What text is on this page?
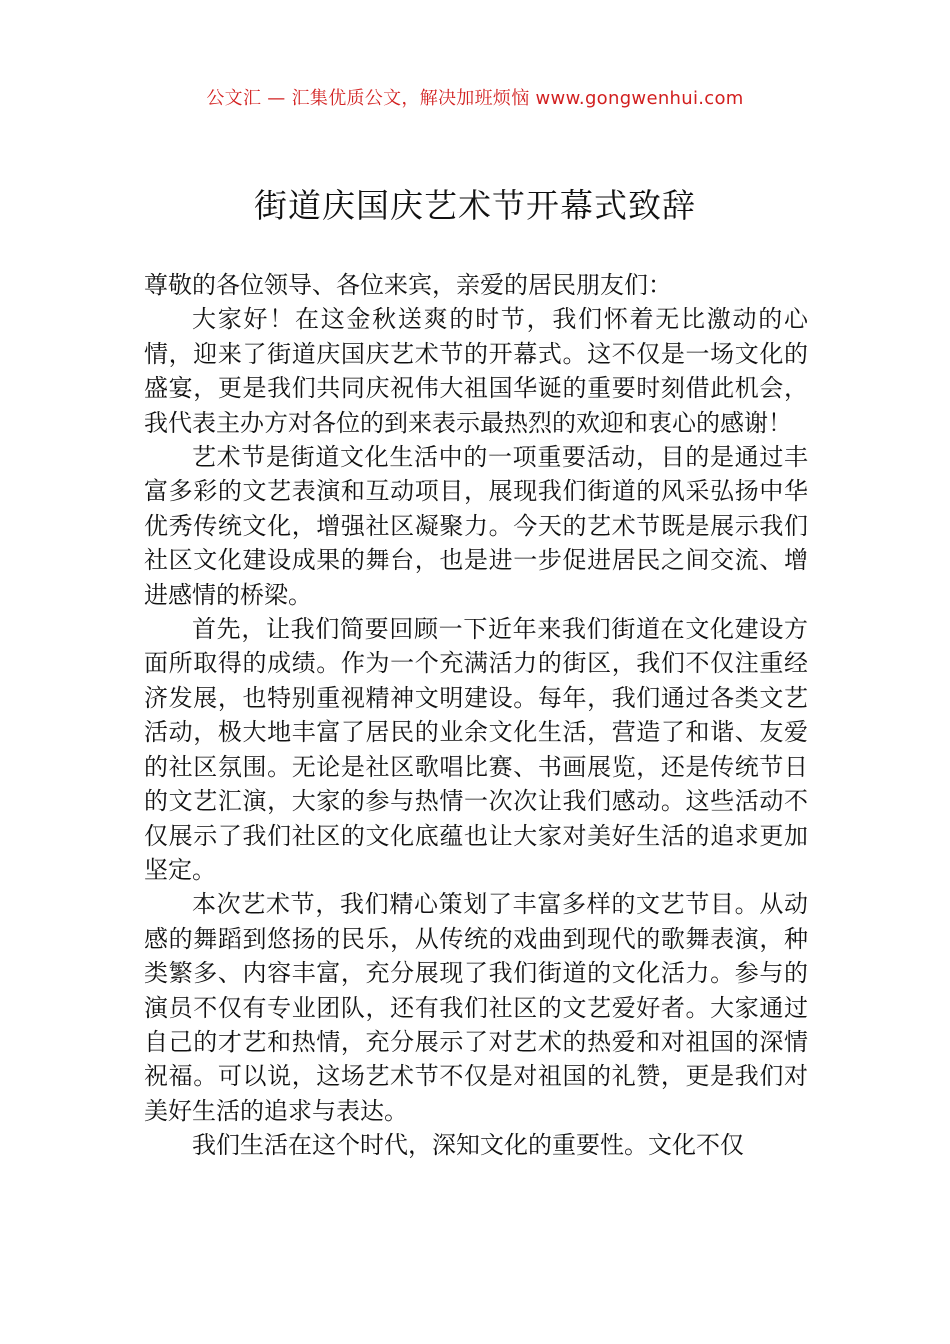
公文汇 — 汇集优质公文，解决加班烦恼 www.gongwenhui.com
街道庆国庆艺术节开幕式致辞

尊敬的各位领导、各位来宾，亲爱的居民朋友们：

大家好！在这金秋送爽的时节，我们怀着无比激动的心情，迎来了街道庆国庆艺术节的开幕式。这不仅是一场文化的盛宴，更是我们共同庆祝伟大祖国华诞的重要时刻借此机会，我代表主办方对各位的到来表示最热烈的欢迎和衷心的感谢！

艺术节是街道文化生活中的一项重要活动，目的是通过丰富多彩的文艺表演和互动项目，展现我们街道的风采弘扬中华优秀传统文化，增强社区凝聚力。今天的艺术节既是展示我们社区文化建设成果的舞台，也是进一步促进居民之间交流、增进感情的桥梁。

首先，让我们简要回顾一下近年来我们街道在文化建设方面所取得的成绩。作为一个充满活力的街区，我们不仅注重经济发展，也特别重视精神文明建设。每年，我们通过各类文艺活动，极大地丰富了居民的业余文化生活，营造了和谐、友爱的社区氛围。无论是社区歌唱比赛、书画展览，还是传统节日的文艺汇演，大家的参与热情一次次让我们感动。这些活动不仅展示了我们社区的文化底蕴也让大家对美好生活的追求更加坚定。

本次艺术节，我们精心策划了丰富多样的文艺节目。从动感的舞蹈到悠扬的民乐，从传统的戏曲到现代的歌舞表演，种类繁多、内容丰富，充分展现了我们街道的文化活力。参与的演员不仅有专业团队，还有我们社区的文艺爱好者。大家通过自己的才艺和热情，充分展示了对艺术的热爱和对祖国的深情祝福。可以说，这场艺术节不仅是对祖国的礼赞，更是我们对美好生活的追求与表达。

我们生活在这个时代，深知文化的重要性。文化不仅
